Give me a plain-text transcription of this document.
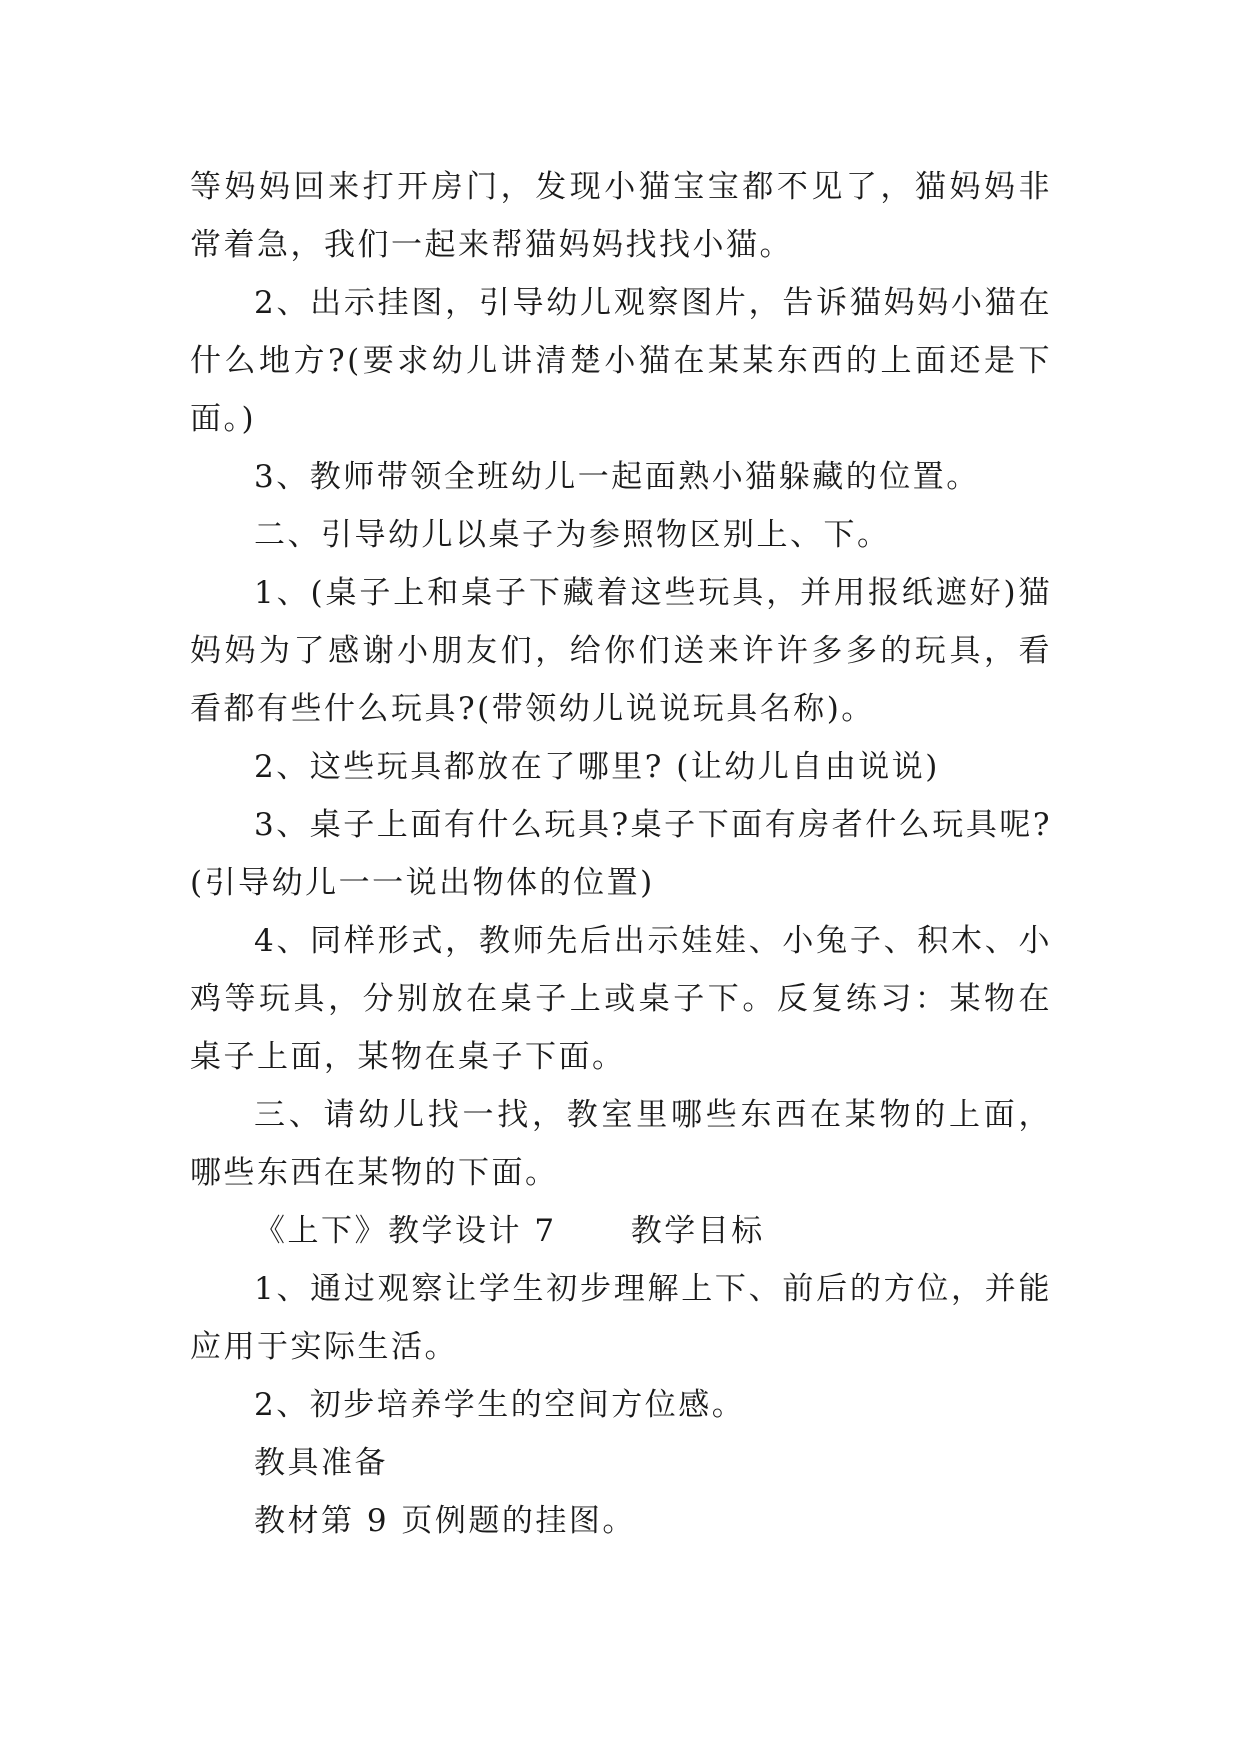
等妈妈回来打开房门，发现小猫宝宝都不见了，猫妈妈非常着急，我们一起来帮猫妈妈找找小猫。

2、出示挂图，引导幼儿观察图片，告诉猫妈妈小猫在什么地方?(要求幼儿讲清楚小猫在某某东西的上面还是下面。)

3、教师带领全班幼儿一起面熟小猫躲藏的位置。

二、引导幼儿以桌子为参照物区别上、下。

1、(桌子上和桌子下藏着这些玩具，并用报纸遮好)猫妈妈为了感谢小朋友们，给你们送来许许多多的玩具，看看都有些什么玩具?(带领幼儿说说玩具名称)。

2、这些玩具都放在了哪里? (让幼儿自由说说)

3、桌子上面有什么玩具?桌子下面有房者什么玩具呢?(引导幼儿一一说出物体的位置)

4、同样形式，教师先后出示娃娃、小兔子、积木、小鸡等玩具，分别放在桌子上或桌子下。反复练习：某物在桌子上面，某物在桌子下面。

三、请幼儿找一找，教室里哪些东西在某物的上面，哪些东西在某物的下面。

《上下》教学设计 7      教学目标

1、通过观察让学生初步理解上下、前后的方位，并能应用于实际生活。

2、初步培养学生的空间方位感。

教具准备

教材第 9 页例题的挂图。
